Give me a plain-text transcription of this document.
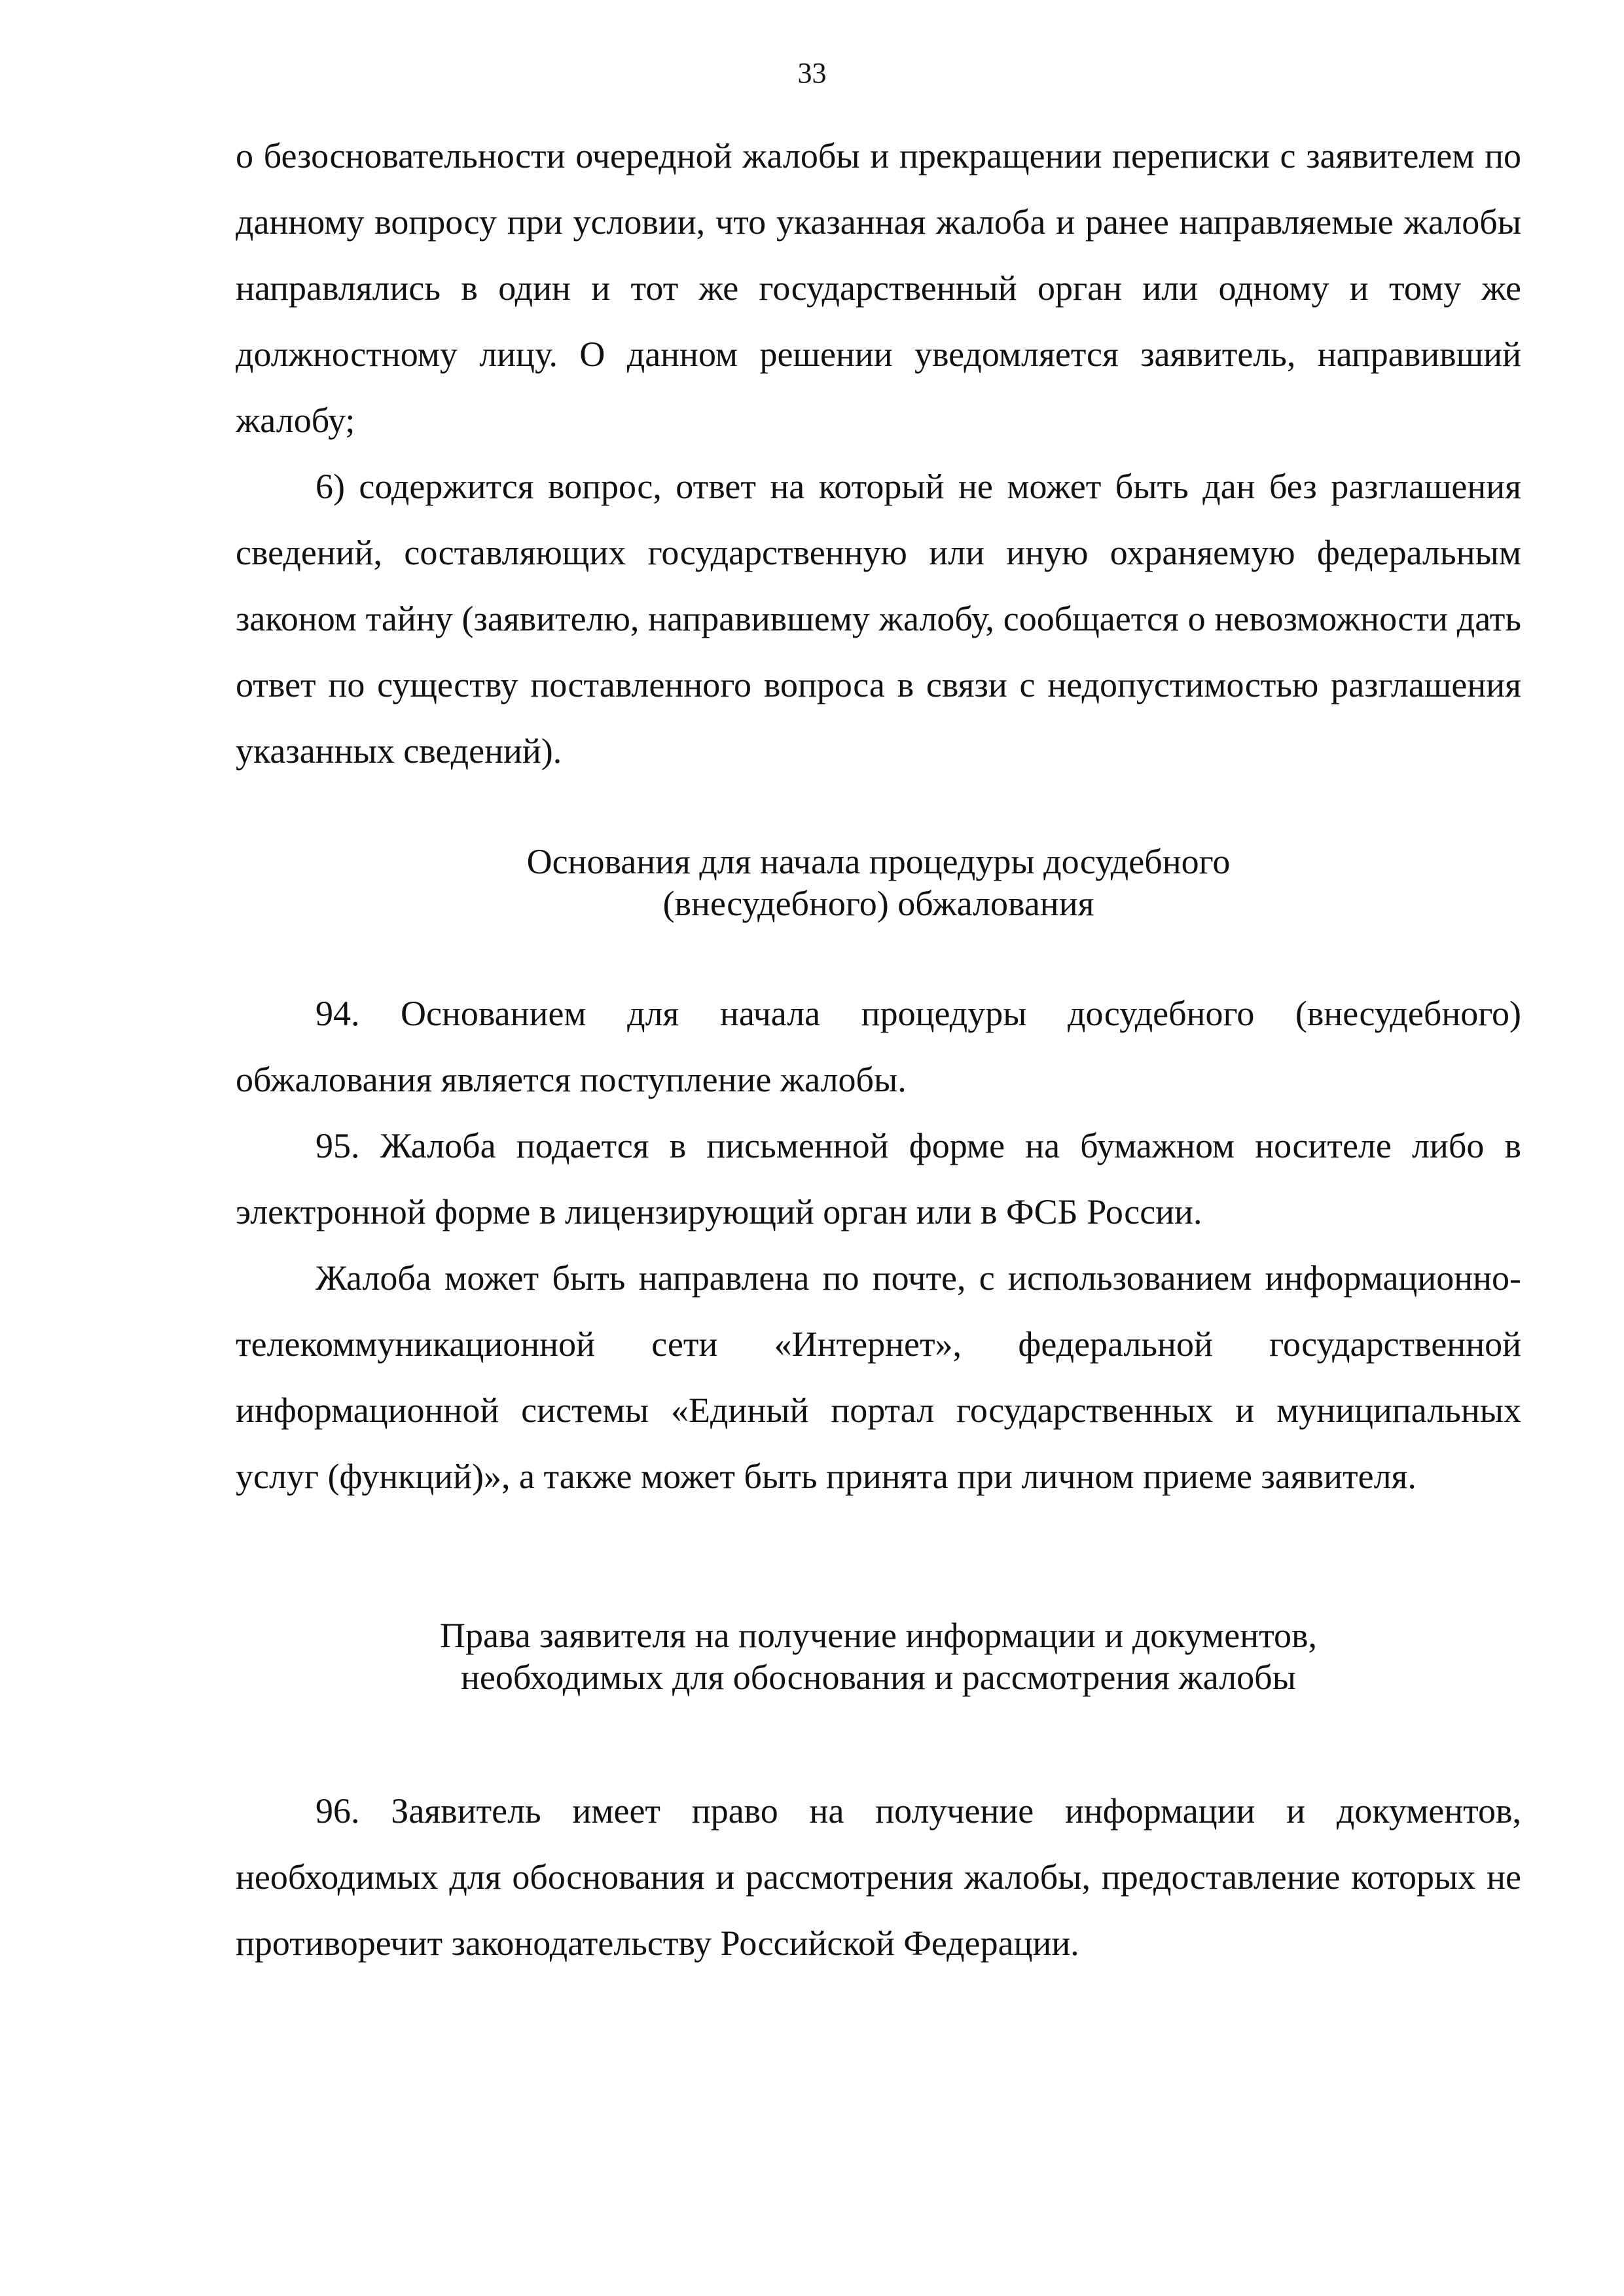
33

о безосновательности очередной жалобы и прекращении переписки с заявителем по данному вопросу при условии, что указанная жалоба и ранее направляемые жалобы направлялись в один и тот же государственный орган или одному и тому же должностному лицу. О данном решении уведомляется заявитель, направивший жалобу;

6) содержится вопрос, ответ на который не может быть дан без разглашения сведений, составляющих государственную или иную охраняемую федеральным законом тайну (заявителю, направившему жалобу, сообщается о невозможности дать ответ по существу поставленного вопроса в связи с недопустимостью разглашения указанных сведений).

Основания для начала процедуры досудебного

(внесудебного) обжалования

94. Основанием для начала процедуры досудебного (внесудебного) обжалования является поступление жалобы.

95. Жалоба подается в письменной форме на бумажном носителе либо в электронной форме в лицензирующий орган или в ФСБ России.

Жалоба может быть направлена по почте, с использованием информационно-телекоммуникационной сети «Интернет», федеральной государственной информационной системы «Единый портал государственных и муниципальных услуг (функций)», а также может быть принята при личном приеме заявителя.

Права заявителя на получение информации и документов,

необходимых для обоснования и рассмотрения жалобы

96. Заявитель имеет право на получение информации и документов, необходимых для обоснования и рассмотрения жалобы, предоставление которых не противоречит законодательству Российской Федерации.
